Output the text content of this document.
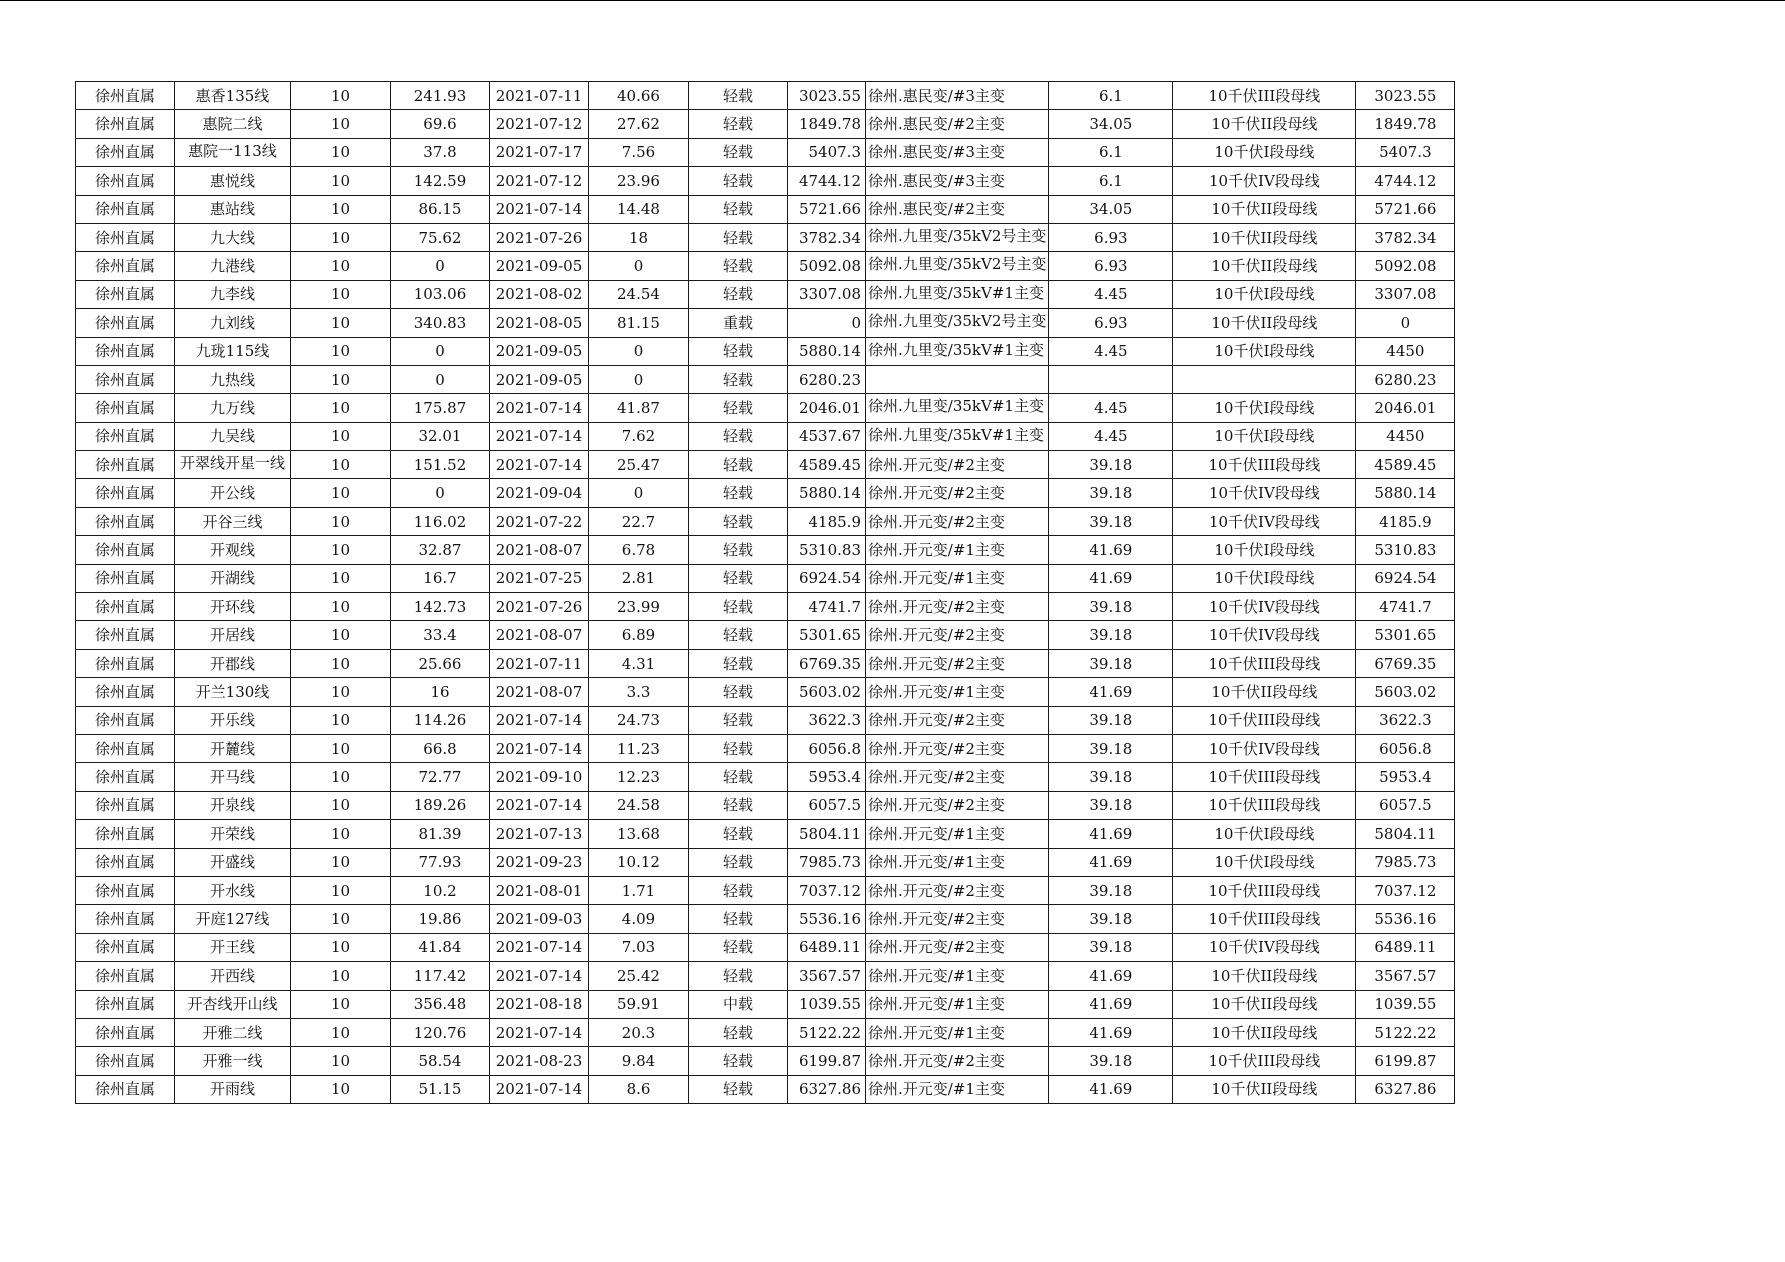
徐州直属	惠香135线	10	241.93	2021-07-11	40.66	轻载	3023.55	徐州.惠民变/#3主变	6.1	10千伏III段母线	3023.55
徐州直属	惠院二线	10	69.6	2021-07-12	27.62	轻载	1849.78	徐州.惠民变/#2主变	34.05	10千伏II段母线	1849.78
徐州直属	惠院一113线	10	37.8	2021-07-17	7.56	轻载	5407.3	徐州.惠民变/#3主变	6.1	10千伏I段母线	5407.3
徐州直属	惠悦线	10	142.59	2021-07-12	23.96	轻载	4744.12	徐州.惠民变/#3主变	6.1	10千伏IV段母线	4744.12
徐州直属	惠站线	10	86.15	2021-07-14	14.48	轻载	5721.66	徐州.惠民变/#2主变	34.05	10千伏II段母线	5721.66
徐州直属	九大线	10	75.62	2021-07-26	18	轻载	3782.34	徐州.九里变/35kV2号主变	6.93	10千伏II段母线	3782.34
徐州直属	九港线	10	0	2021-09-05	0	轻载	5092.08	徐州.九里变/35kV2号主变	6.93	10千伏II段母线	5092.08
徐州直属	九李线	10	103.06	2021-08-02	24.54	轻载	3307.08	徐州.九里变/35kV#1主变	4.45	10千伏I段母线	3307.08
徐州直属	九刘线	10	340.83	2021-08-05	81.15	重载	0	徐州.九里变/35kV2号主变	6.93	10千伏II段母线	0
徐州直属	九珑115线	10	0	2021-09-05	0	轻载	5880.14	徐州.九里变/35kV#1主变	4.45	10千伏I段母线	4450
徐州直属	九热线	10	0	2021-09-05	0	轻载	6280.23				6280.23
徐州直属	九万线	10	175.87	2021-07-14	41.87	轻载	2046.01	徐州.九里变/35kV#1主变	4.45	10千伏I段母线	2046.01
徐州直属	九吴线	10	32.01	2021-07-14	7.62	轻载	4537.67	徐州.九里变/35kV#1主变	4.45	10千伏I段母线	4450
徐州直属	开翠线开星一线	10	151.52	2021-07-14	25.47	轻载	4589.45	徐州.开元变/#2主变	39.18	10千伏III段母线	4589.45
徐州直属	开公线	10	0	2021-09-04	0	轻载	5880.14	徐州.开元变/#2主变	39.18	10千伏IV段母线	5880.14
徐州直属	开谷三线	10	116.02	2021-07-22	22.7	轻载	4185.9	徐州.开元变/#2主变	39.18	10千伏IV段母线	4185.9
徐州直属	开观线	10	32.87	2021-08-07	6.78	轻载	5310.83	徐州.开元变/#1主变	41.69	10千伏I段母线	5310.83
徐州直属	开湖线	10	16.7	2021-07-25	2.81	轻载	6924.54	徐州.开元变/#1主变	41.69	10千伏I段母线	6924.54
徐州直属	开环线	10	142.73	2021-07-26	23.99	轻载	4741.7	徐州.开元变/#2主变	39.18	10千伏IV段母线	4741.7
徐州直属	开居线	10	33.4	2021-08-07	6.89	轻载	5301.65	徐州.开元变/#2主变	39.18	10千伏IV段母线	5301.65
徐州直属	开郡线	10	25.66	2021-07-11	4.31	轻载	6769.35	徐州.开元变/#2主变	39.18	10千伏III段母线	6769.35
徐州直属	开兰130线	10	16	2021-08-07	3.3	轻载	5603.02	徐州.开元变/#1主变	41.69	10千伏II段母线	5603.02
徐州直属	开乐线	10	114.26	2021-07-14	24.73	轻载	3622.3	徐州.开元变/#2主变	39.18	10千伏III段母线	3622.3
徐州直属	开麓线	10	66.8	2021-07-14	11.23	轻载	6056.8	徐州.开元变/#2主变	39.18	10千伏IV段母线	6056.8
徐州直属	开马线	10	72.77	2021-09-10	12.23	轻载	5953.4	徐州.开元变/#2主变	39.18	10千伏III段母线	5953.4
徐州直属	开泉线	10	189.26	2021-07-14	24.58	轻载	6057.5	徐州.开元变/#2主变	39.18	10千伏III段母线	6057.5
徐州直属	开荣线	10	81.39	2021-07-13	13.68	轻载	5804.11	徐州.开元变/#1主变	41.69	10千伏I段母线	5804.11
徐州直属	开盛线	10	77.93	2021-09-23	10.12	轻载	7985.73	徐州.开元变/#1主变	41.69	10千伏I段母线	7985.73
徐州直属	开水线	10	10.2	2021-08-01	1.71	轻载	7037.12	徐州.开元变/#2主变	39.18	10千伏III段母线	7037.12
徐州直属	开庭127线	10	19.86	2021-09-03	4.09	轻载	5536.16	徐州.开元变/#2主变	39.18	10千伏III段母线	5536.16
徐州直属	开王线	10	41.84	2021-07-14	7.03	轻载	6489.11	徐州.开元变/#2主变	39.18	10千伏IV段母线	6489.11
徐州直属	开西线	10	117.42	2021-07-14	25.42	轻载	3567.57	徐州.开元变/#1主变	41.69	10千伏II段母线	3567.57
徐州直属	开杏线开山线	10	356.48	2021-08-18	59.91	中载	1039.55	徐州.开元变/#1主变	41.69	10千伏II段母线	1039.55
徐州直属	开雅二线	10	120.76	2021-07-14	20.3	轻载	5122.22	徐州.开元变/#1主变	41.69	10千伏II段母线	5122.22
徐州直属	开雅一线	10	58.54	2021-08-23	9.84	轻载	6199.87	徐州.开元变/#2主变	39.18	10千伏III段母线	6199.87
徐州直属	开雨线	10	51.15	2021-07-14	8.6	轻载	6327.86	徐州.开元变/#1主变	41.69	10千伏II段母线	6327.86
